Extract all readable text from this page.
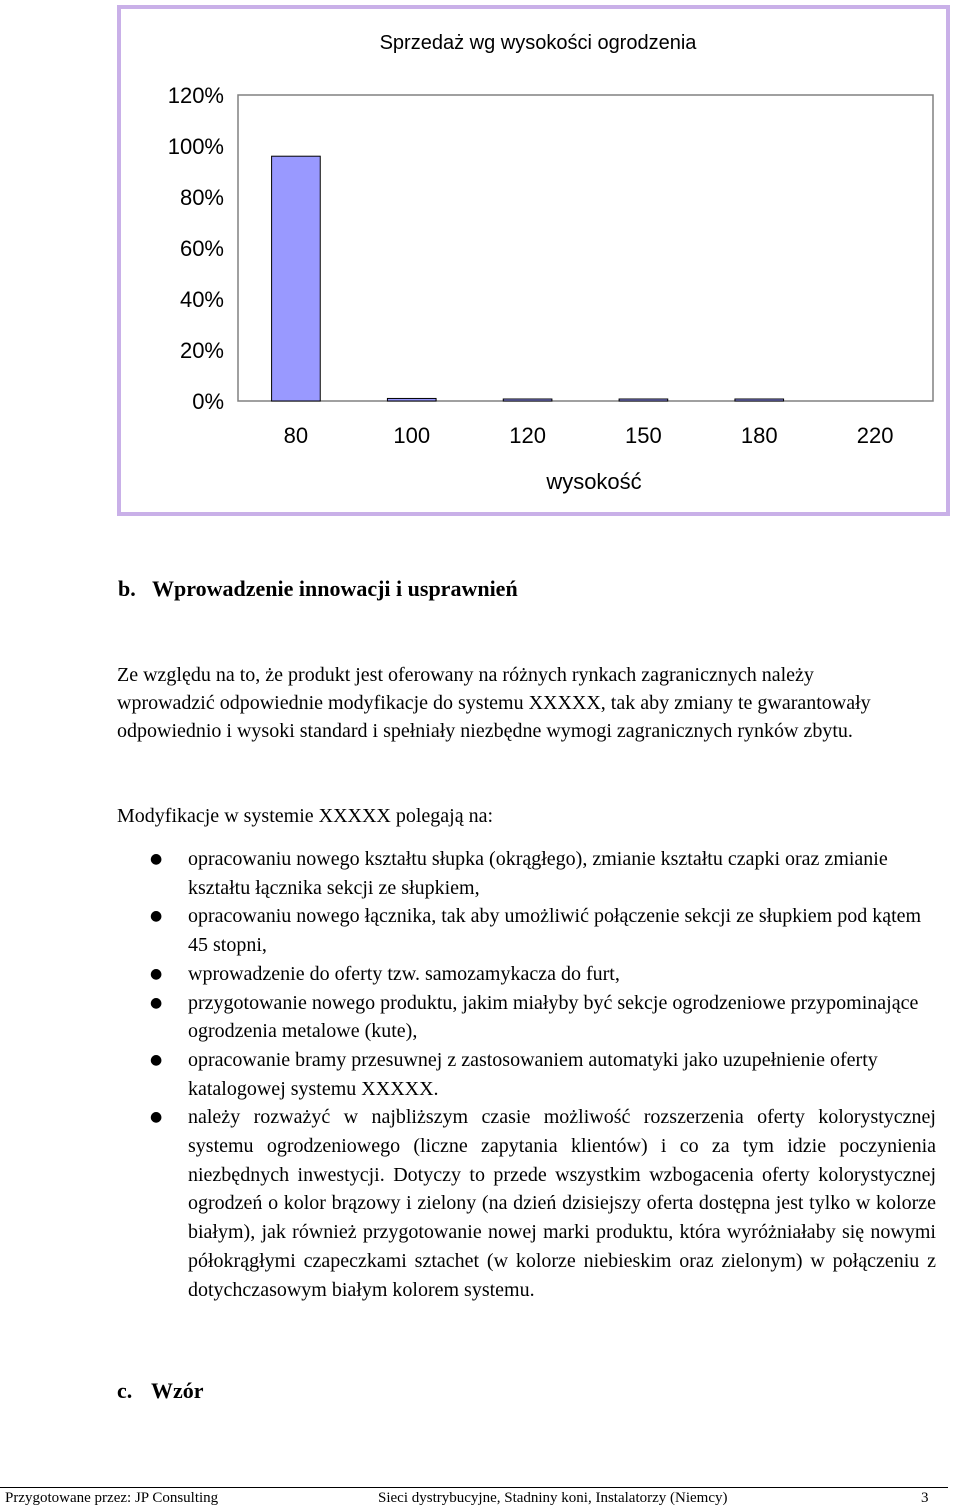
Sprzedaż wg wysokości ogrodzenia
0%
20%
40%
60%
80%
100%
120%
80	100	120	150	180	220
wysokość
b. Wprowadzenie innowacji i usprawnień

Ze względu na to, że produkt jest oferowany na różnych rynkach zagranicznych należy wprowadzić odpowiednie modyfikacje do systemu XXXXX, tak aby zmiany te gwarantowały odpowiednio i wysoki standard i spełniały niezbędne wymogi zagranicznych rynków zbytu.

Modyfikacje w systemie XXXXX polegają na:

● opracowaniu nowego kształtu słupka (okrągłego), zmianie kształtu czapki oraz zmianie kształtu łącznika sekcji ze słupkiem,
● opracowaniu nowego łącznika, tak aby umożliwić połączenie sekcji ze słupkiem pod kątem 45 stopni,
● wprowadzenie do oferty tzw. samozamykacza do furt,
● przygotowanie nowego produktu, jakim miałyby być sekcje ogrodzeniowe przypominające ogrodzenia metalowe (kute),
● opracowanie bramy przesuwnej z zastosowaniem automatyki jako uzupełnienie oferty katalogowej systemu XXXXX.
● należy rozważyć w najbliższym czasie możliwość rozszerzenia oferty kolorystycznej systemu ogrodzeniowego (liczne zapytania klientów) i co za tym idzie poczynienia niezbędnych inwestycji. Dotyczy to przede wszystkim wzbogacenia oferty kolorystycznej ogrodzeń o kolor brązowy i zielony (na dzień dzisiejszy oferta dostępna jest tylko w kolorze białym), jak również przygotowanie nowej marki produktu, która wyróżniałaby się nowymi półokrągłymi czapeczkami sztachet (w kolorze niebieskim oraz zielonym) w połączeniu z dotychczasowym białym kolorem systemu.
c. Wzór
Przygotowane przez: JP Consulting	Sieci dystrybucyjne, Stadniny koni, Instalatorzy (Niemcy)	3
